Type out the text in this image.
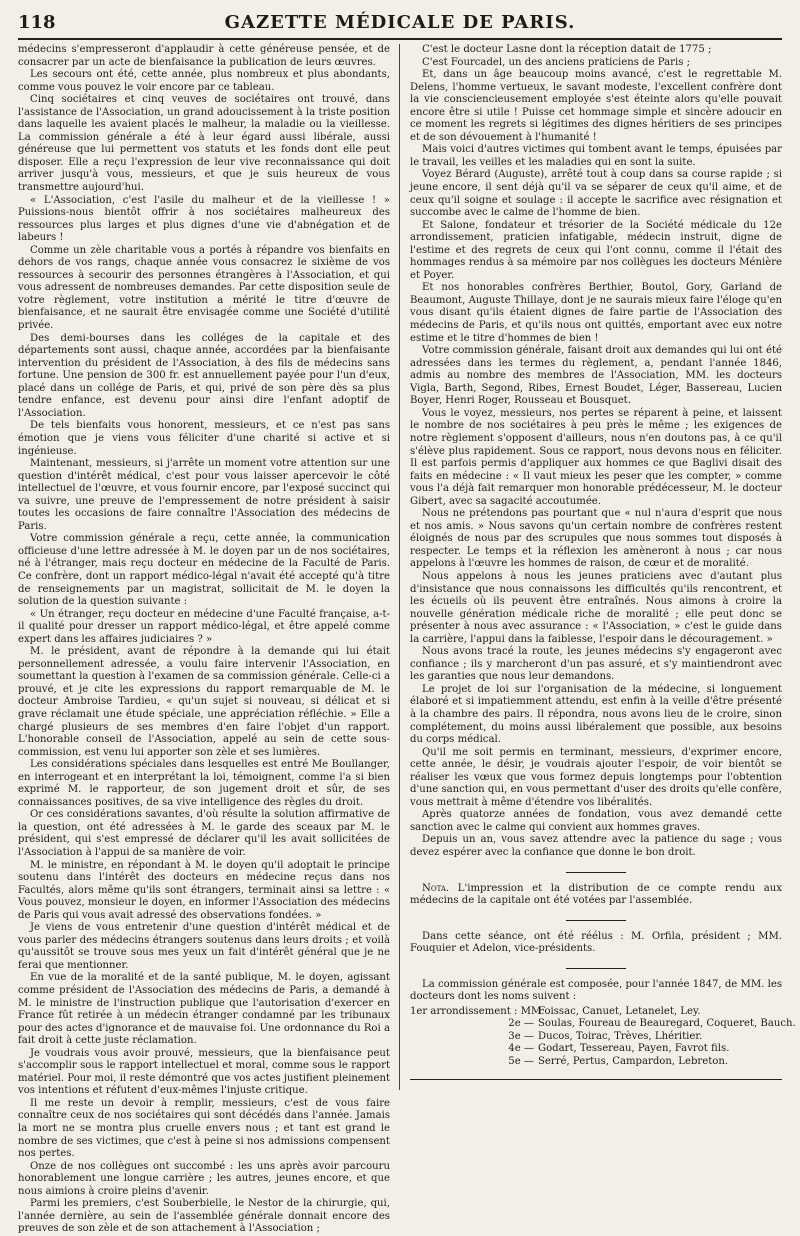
118	GAZETTE MÉDICALE DE PARIS.

médecins s'empresseront d'applaudir à cette généreuse pensée, et de consacrer par un acte de bienfaisance la publication de leurs œuvres.

Les secours ont été, cette année, plus nombreux et plus abondants, comme vous pouvez le voir encore par ce tableau.

Cinq sociétaires et cinq veuves de sociétaires ont trouvé, dans l'assistance de l'Association, un grand adoucissement à la triste position dans laquelle les avaient placés le malheur, la maladie ou la vieillesse. La commission générale a été à leur égard aussi libérale, aussi généreuse que lui permettent vos statuts et les fonds dont elle peut disposer. Elle a reçu l'expression de leur vive reconnaissance qui doit arriver jusqu'à vous, messieurs, et que je suis heureux de vous transmettre aujourd'hui.

« L'Association, c'est l'asile du malheur et de la vieillesse ! » Puissions-nous bientôt offrir à nos sociétaires malheureux des ressources plus larges et plus dignes d'une vie d'abnégation et de labeurs !

Comme un zèle charitable vous a portés à répandre vos bienfaits en dehors de vos rangs, chaque année vous consacrez le sixième de vos ressources à secourir des personnes étrangères à l'Association, et qui vous adressent de nombreuses demandes. Par cette disposition seule de votre règlement, votre institution a mérité le titre d'œuvre de bienfaisance, et ne saurait être envisagée comme une Société d'utilité privée.

Des demi-bourses dans les colléges de la capitale et des départements sont aussi, chaque année, accordées par la bienfaisante intervention du président de l'Association, à des fils de médecins sans fortune. Une pension de 300 fr. est annuellement payée pour l'un d'eux, placé dans un collége de Paris, et qui, privé de son père dès sa plus tendre enfance, est devenu pour ainsi dire l'enfant adoptif de l'Association.

De tels bienfaits vous honorent, messieurs, et ce n'est pas sans émotion que je viens vous féliciter d'une charité si active et si ingénieuse.

Maintenant, messieurs, si j'arrête un moment votre attention sur une question d'intérêt médical, c'est pour vous laisser apercevoir le côté intellectuel de l'œuvre, et vous fournir encore, par l'exposé succinct qui va suivre, une preuve de l'empressement de notre président à saisir toutes les occasions de faire connaître l'Association des médecins de Paris.

Votre commission générale a reçu, cette année, la communication officieuse d'une lettre adressée à M. le doyen par un de nos sociétaires, né à l'étranger, mais reçu docteur en médecine de la Faculté de Paris. Ce confrère, dont un rapport médico-légal n'avait été accepté qu'à titre de renseignements par un magistrat, sollicitait de M. le doyen la solution de la question suivante :

« Un étranger, reçu docteur en médecine d'une Faculté française, a-t-il qualité pour dresser un rapport médico-légal, et être appelé comme expert dans les affaires judiciaires ? »

M. le président, avant de répondre à la demande qui lui était personnellement adressée, a voulu faire intervenir l'Association, en soumettant la question à l'examen de sa commission générale. Celle-ci a prouvé, et je cite les expressions du rapport remarquable de M. le docteur Ambroise Tardieu, « qu'un sujet si nouveau, si délicat et si grave réclamait une étude spéciale, une appréciation réfléchie. » Elle a chargé plusieurs de ses membres d'en faire l'objet d'un rapport. L'honorable conseil de l'Association, appelé au sein de cette sous-commission, est venu lui apporter son zèle et ses lumières.

Les considérations spéciales dans lesquelles est entré Me Boullanger, en interrogeant et en interprétant la loi, témoignent, comme l'a si bien exprimé M. le rapporteur, de son jugement droit et sûr, de ses connaissances positives, de sa vive intelligence des règles du droit.

Or ces considérations savantes, d'où résulte la solution affirmative de la question, ont été adressées à M. le garde des sceaux par M. le président, qui s'est empressé de déclarer qu'il les avait sollicitées de l'Association à l'appui de sa manière de voir.

M. le ministre, en répondant à M. le doyen qu'il adoptait le principe soutenu dans l'intérêt des docteurs en médecine reçus dans nos Facultés, alors même qu'ils sont étrangers, terminait ainsi sa lettre : « Vous pouvez, monsieur le doyen, en informer l'Association des médecins de Paris qui vous avait adressé des observations fondées. »

Je viens de vous entretenir d'une question d'intérêt médical et de vous parler des médecins étrangers soutenus dans leurs droits ; et voilà qu'aussitôt se trouve sous mes yeux un fait d'intérêt général que je ne ferai que mentionner.

En vue de la moralité et de la santé publique, M. le doyen, agissant comme président de l'Association des médecins de Paris, a demandé à M. le ministre de l'instruction publique que l'autorisation d'exercer en France fût retirée à un médecin étranger condamné par les tribunaux pour des actes d'ignorance et de mauvaise foi. Une ordonnance du Roi a fait droit à cette juste réclamation.

Je voudrais vous avoir prouvé, messieurs, que la bienfaisance peut s'accomplir sous le rapport intellectuel et moral, comme sous le rapport matériel. Pour moi, il reste démontré que vos actes justifient pleinement vos intentions et réfutent d'eux-mêmes l'injuste critique.

Il me reste un devoir à remplir, messieurs, c'est de vous faire connaître ceux de nos sociétaires qui sont décédés dans l'année. Jamais la mort ne se montra plus cruelle envers nous ; et tant est grand le nombre de ses victimes, que c'est à peine si nos admissions compensent nos pertes.

Onze de nos collègues ont succombé : les uns après avoir parcouru honorablement une longue carrière ; les autres, jeunes encore, et que nous aimions à croire pleins d'avenir.

Parmi les premiers, c'est Souberbielle, le Nestor de la chirurgie, qui, l'année dernière, au sein de l'assemblée générale donnait encore des preuves de son zèle et de son attachement à l'Association ;

C'est le docteur Lasne dont la réception datait de 1775 ;

C'est Fourcadel, un des anciens praticiens de Paris ;

Et, dans un âge beaucoup moins avancé, c'est le regrettable M. Delens, l'homme vertueux, le savant modeste, l'excellent confrère dont la vie consciencieusement employée s'est éteinte alors qu'elle pouvait encore être si utile ! Puisse cet hommage simple et sincère adoucir en ce moment les regrets si légitimes des dignes héritiers de ses principes et de son dévouement à l'humanité !

Mais voici d'autres victimes qui tombent avant le temps, épuisées par le travail, les veilles et les maladies qui en sont la suite.

Voyez Bérard (Auguste), arrêté tout à coup dans sa course rapide ; si jeune encore, il sent déjà qu'il va se séparer de ceux qu'il aime, et de ceux qu'il soigne et soulage : il accepte le sacrifice avec résignation et succombe avec le calme de l'homme de bien.

Et Salone, fondateur et trésorier de la Société médicale du 12e arrondissement, praticien infatigable, médecin instruit, digne de l'estime et des regrets de ceux qui l'ont connu, comme il l'était des hommages rendus à sa mémoire par nos collègues les docteurs Ménière et Poyer.

Et nos honorables confrères Berthier, Boutol, Gory, Garland de Beaumont, Auguste Thillaye, dont je ne saurais mieux faire l'éloge qu'en vous disant qu'ils étaient dignes de faire partie de l'Association des médecins de Paris, et qu'ils nous ont quittés, emportant avec eux notre estime et le titre d'hommes de bien !

Votre commission générale, faisant droit aux demandes qui lui ont été adressées dans les termes du règlement, a, pendant l'année 1846, admis au nombre des membres de l'Association, MM. les docteurs Vigla, Barth, Segond, Ribes, Ernest Boudet, Léger, Bassereau, Lucien Boyer, Henri Roger, Rousseau et Bousquet.

Vous le voyez, messieurs, nos pertes se réparent à peine, et laissent le nombre de nos sociétaires à peu près le même ; les exigences de notre règlement s'opposent d'ailleurs, nous n'en doutons pas, à ce qu'il s'élève plus rapidement. Sous ce rapport, nous devons nous en féliciter. Il est parfois permis d'appliquer aux hommes ce que Baglivi disait des faits en médecine : « Il vaut mieux les peser que les compter, » comme vous l'a déjà fait remarquer mon honorable prédécesseur, M. le docteur Gibert, avec sa sagacité accoutumée.

Nous ne prétendons pas pourtant que « nul n'aura d'esprit que nous et nos amis. » Nous savons qu'un certain nombre de confrères restent éloignés de nous par des scrupules que nous sommes tout disposés à respecter. Le temps et la réflexion les amèneront à nous ; car nous appelons à l'œuvre les hommes de raison, de cœur et de moralité.

Nous appelons à nous les jeunes praticiens avec d'autant plus d'insistance que nous connaissons les difficultés qu'ils rencontrent, et les écueils où ils peuvent être entraînés. Nous aimons à croire la nouvelle génération médicale riche de moralité ; elle peut donc se présenter à nous avec assurance : « l'Association, » c'est le guide dans la carrière, l'appui dans la faiblesse, l'espoir dans le découragement. »

Nous avons tracé la route, les jeunes médecins s'y engageront avec confiance ; ils y marcheront d'un pas assuré, et s'y maintiendront avec les garanties que nous leur demandons.

Le projet de loi sur l'organisation de la médecine, si longuement élaboré et si impatiemment attendu, est enfin à la veille d'être présenté à la chambre des pairs. Il répondra, nous avons lieu de le croire, sinon complétement, du moins aussi libéralement que possible, aux besoins du corps médical.

Qu'il me soit permis en terminant, messieurs, d'exprimer encore, cette année, le désir, je voudrais ajouter l'espoir, de voir bientôt se réaliser les vœux que vous formez depuis longtemps pour l'obtention d'une sanction qui, en vous permettant d'user des droits qu'elle confère, vous mettrait à même d'étendre vos libéralités.

Après quatorze années de fondation, vous avez demandé cette sanction avec le calme qui convient aux hommes graves.

Depuis un an, vous savez attendre avec la patience du sage ; vous devez espérer avec la confiance que donne le bon droit.

Nota. L'impression et la distribution de ce compte rendu aux médecins de la capitale ont été votées par l'assemblée.

Dans cette séance, ont été réélus : M. Orfila, président ; MM. Fouquier et Adelon, vice-présidents.

La commission générale est composée, pour l'année 1847, de MM. les docteurs dont les noms suivent :

1er arrondissement : MM.
Foissac, Canuet, Letanelet, Ley.
2e — Soulas, Foureau de Beauregard, Coqueret, Bauch.
3e — Ducos, Toirac, Trèves, Lhéritier.
4e — Godart, Tessereau, Payen, Favrot fils.
5e — Serré, Pertus, Campardon, Lebreton.
